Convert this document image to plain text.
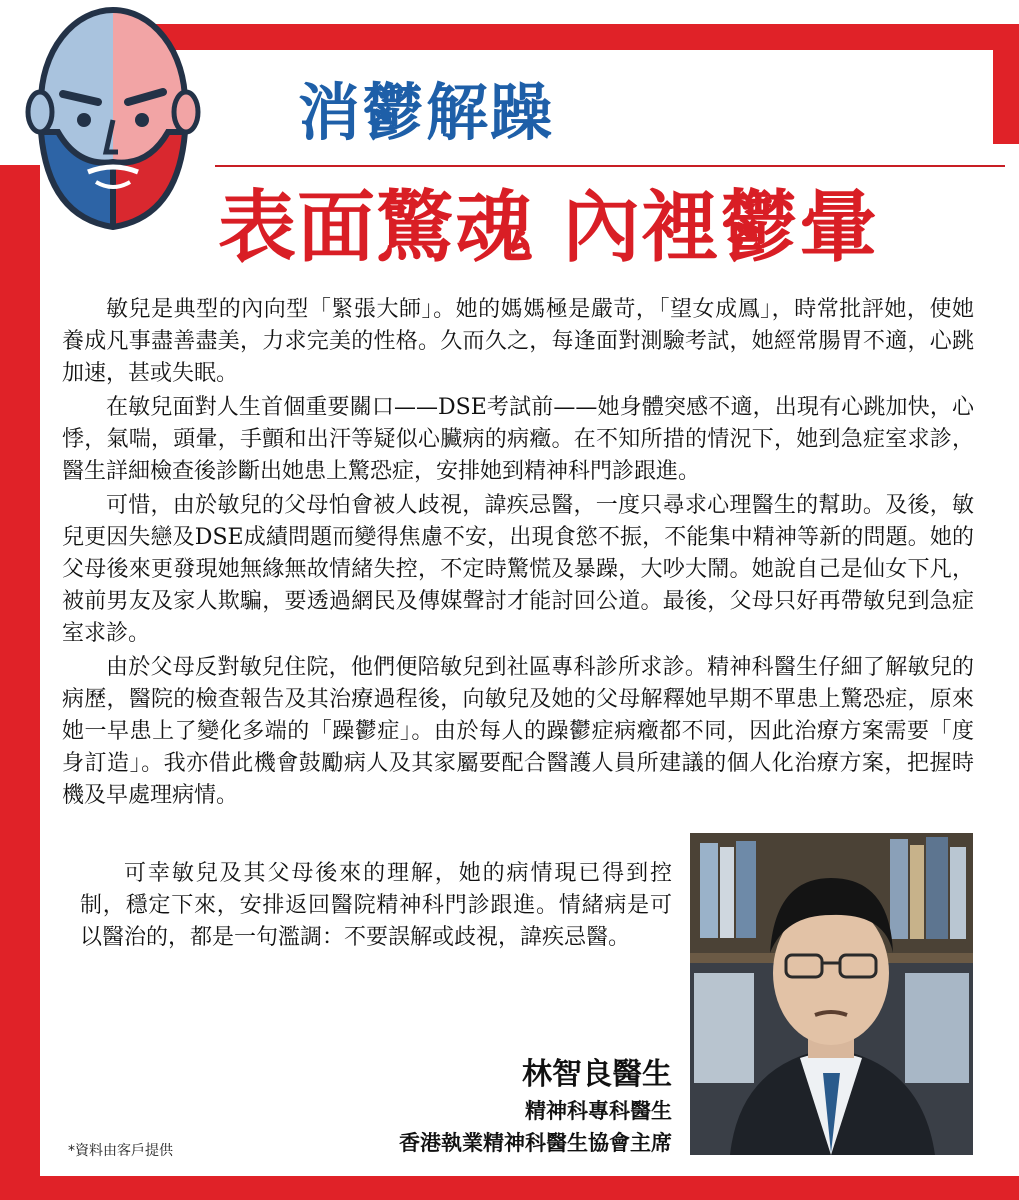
消鬱解躁
表面驚魂 內裡鬱暈

敏兒是典型的內向型「緊張大師」。她的媽媽極是嚴苛，「望女成鳳」，時常批評她，使她養成凡事盡善盡美，力求完美的性格。久而久之，每逢面對測驗考試，她經常腸胃不適，心跳加速，甚或失眠。

在敏兒面對人生首個重要關口——DSE考試前——她身體突感不適，出現有心跳加快，心悸，氣喘，頭暈，手顫和出汗等疑似心臟病的病癥。在不知所措的情況下，她到急症室求診，醫生詳細檢查後診斷出她患上驚恐症，安排她到精神科門診跟進。

可惜，由於敏兒的父母怕會被人歧視，諱疾忌醫，一度只尋求心理醫生的幫助。及後，敏兒更因失戀及DSE成績問題而變得焦慮不安，出現食慾不振，不能集中精神等新的問題。她的父母後來更發現她無緣無故情緒失控，不定時驚慌及暴躁，大吵大鬧。她說自己是仙女下凡，被前男友及家人欺騙，要透過網民及傳媒聲討才能討回公道。最後，父母只好再帶敏兒到急症室求診。

由於父母反對敏兒住院，他們便陪敏兒到社區專科診所求診。精神科醫生仔細了解敏兒的病歷，醫院的檢查報告及其治療過程後，向敏兒及她的父母解釋她早期不單患上驚恐症，原來她一早患上了變化多端的「躁鬱症」。由於每人的躁鬱症病癥都不同，因此治療方案需要「度身訂造」。我亦借此機會鼓勵病人及其家屬要配合醫護人員所建議的個人化治療方案，把握時機及早處理病情。

可幸敏兒及其父母後來的理解，她的病情現已得到控制，穩定下來，安排返回醫院精神科門診跟進。情緒病是可以醫治的，都是一句濫調：不要誤解或歧視，諱疾忌醫。

林智良醫生
精神科專科醫生
香港執業精神科醫生協會主席
*資料由客戶提供
